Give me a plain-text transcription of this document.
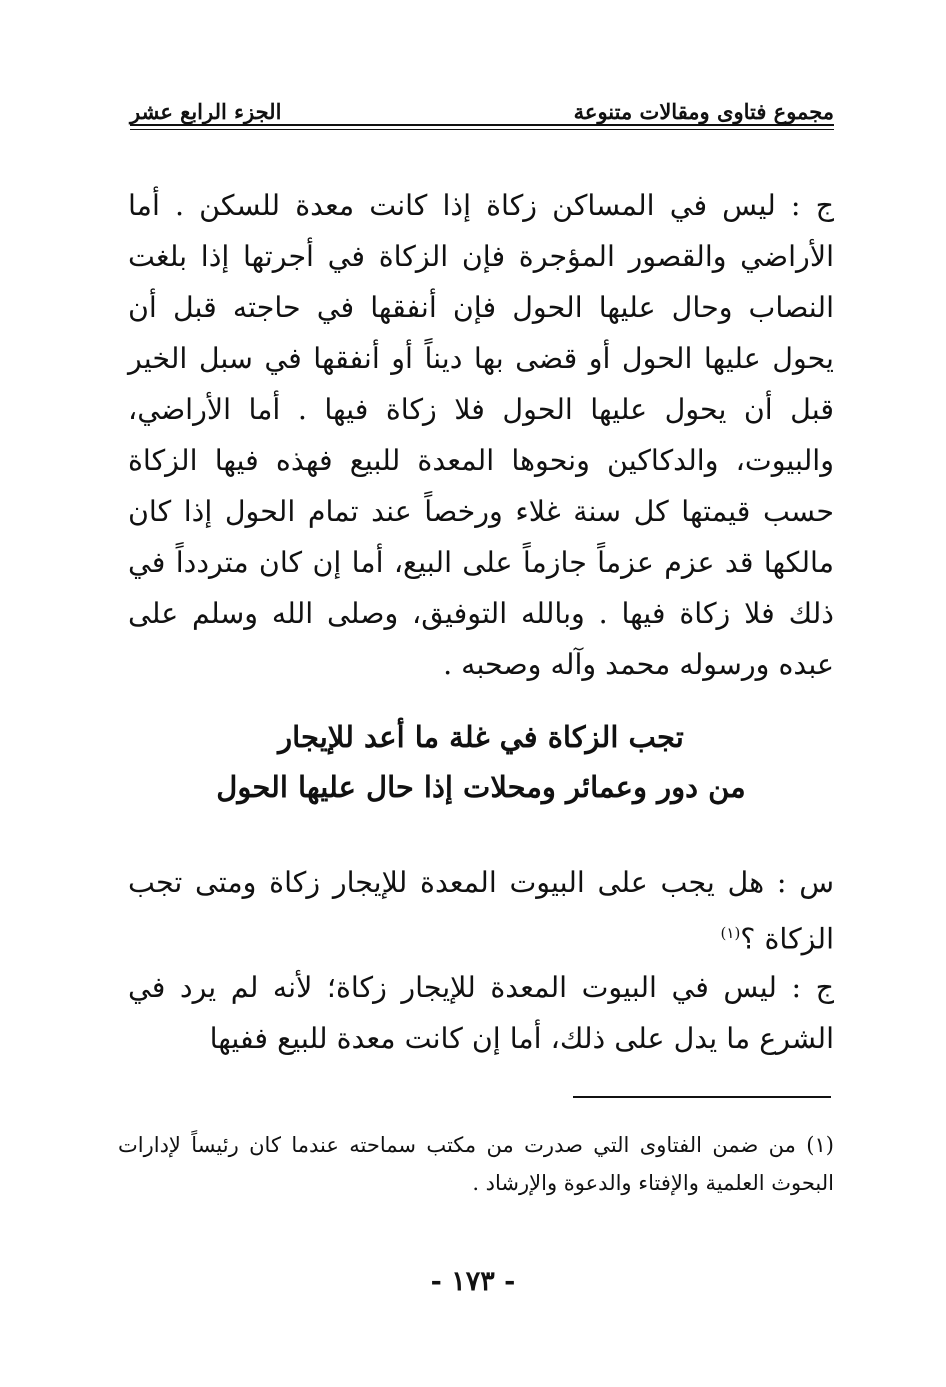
مجموع فتاوى ومقالات متنوعة
الجزء الرابع عشر

ج : ليس في المساكن زكاة إذا كانت معدة للسكن . أما الأراضي والقصور المؤجرة فإن الزكاة في أجرتها إذا بلغت النصاب وحال عليها الحول فإن أنفقها في حاجته قبل أن يحول عليها الحول أو قضى بها ديناً أو أنفقها في سبل الخير قبل أن يحول عليها الحول فلا زكاة فيها . أما الأراضي، والبيوت، والدكاكين ونحوها المعدة للبيع فهذه فيها الزكاة حسب قيمتها كل سنة غلاء ورخصاً عند تمام الحول إذا كان مالكها قد عزم عزماً جازماً على البيع، أما إن كان متردداً في ذلك فلا زكاة فيها . وبالله التوفيق، وصلى الله وسلم على عبده ورسوله محمد وآله وصحبه .

تجب الزكاة في غلة ما أعد للإيجار
من دور وعمائر ومحلات إذا حال عليها الحول

س : هل يجب على البيوت المعدة للإيجار زكاة ومتى تجب الزكاة ؟$^{(١)}$

ج : ليس في البيوت المعدة للإيجار زكاة؛ لأنه لم يرد في الشرع ما يدل على ذلك، أما إن كانت معدة للبيع ففيها

(١) من ضمن الفتاوى التي صدرت من مكتب سماحته عندما كان رئيساً لإدارات البحوث العلمية والإفتاء والدعوة والإرشاد .

- ١٧٣ -
